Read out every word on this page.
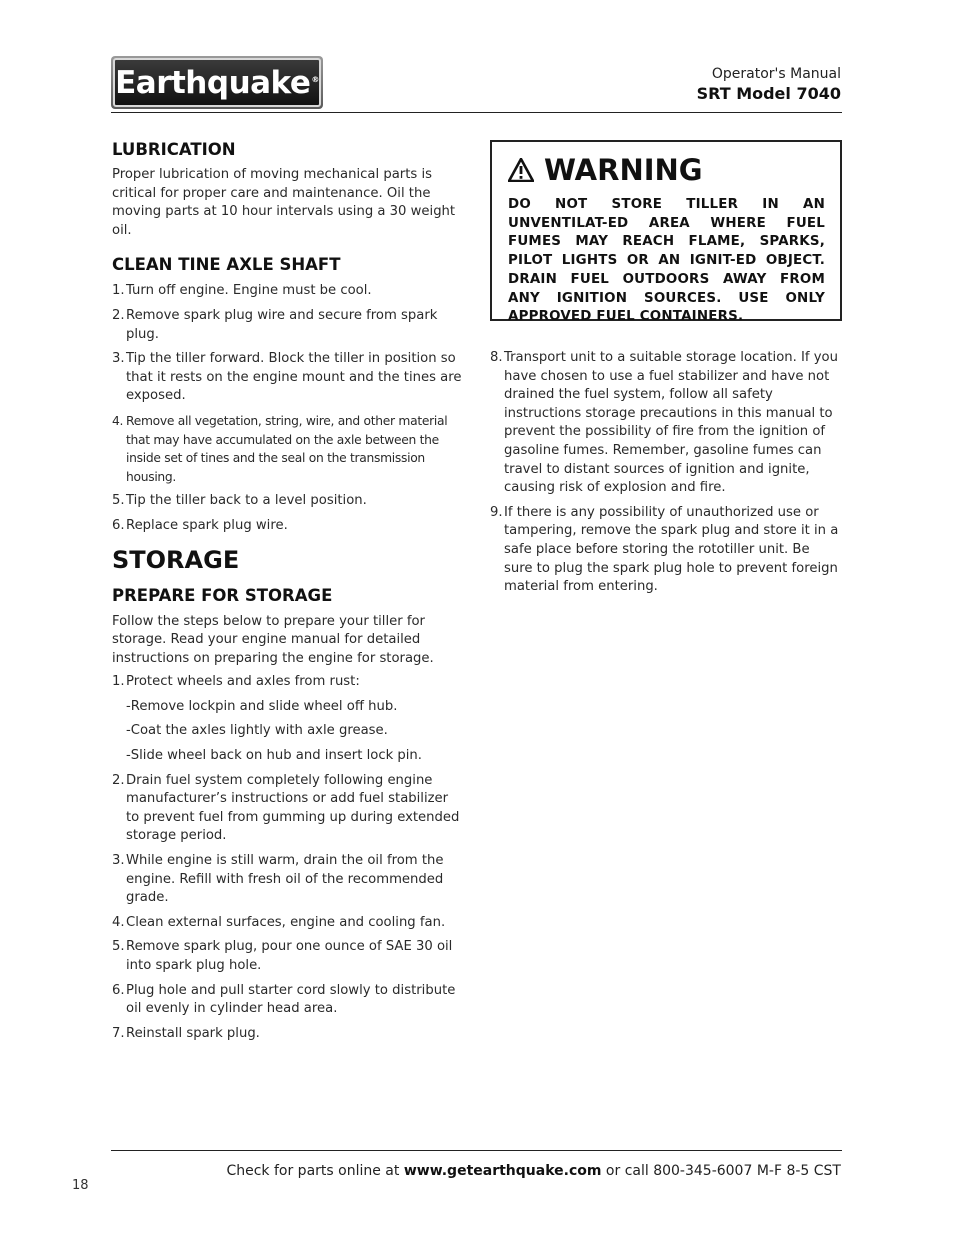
Earthquake ®	Operator's Manual
SRT Model 7040
LUBRICATION

Proper lubrication of moving mechanical parts is critical for proper care and maintenance. Oil the moving parts at 10 hour intervals using a 30 weight oil.

CLEAN TINE AXLE SHAFT
1. Turn off engine. Engine must be cool.
2. Remove spark plug wire and secure from spark plug.
3. Tip the tiller forward. Block the tiller in position so that it rests on the engine mount and the tines are exposed.
4. Remove all vegetation, string, wire, and other material that may have accumulated on the axle between the inside set of tines and the seal on the transmission housing.
5. Tip the tiller back to a level position.
6. Replace spark plug wire.
STORAGE
PREPARE FOR STORAGE

Follow the steps below to prepare your tiller for storage. Read your engine manual for detailed instructions on preparing the engine for storage.

1. Protect wheels and axles from rust:
-Remove lockpin and slide wheel off hub.
-Coat the axles lightly with axle grease.
-Slide wheel back on hub and insert lock pin.
2. Drain fuel system completely following engine manufacturer’s instructions or add fuel stabilizer to prevent fuel from gumming up during extended storage period.
3. While engine is still warm, drain the oil from the engine. Refill with fresh oil of the recommended grade.
4. Clean external surfaces, engine and cooling fan.
5. Remove spark plug, pour one ounce of SAE 30 oil into spark plug hole.
6. Plug hole and pull starter cord slowly to distribute oil evenly in cylinder head area.
7. Reinstall spark plug.
WARNING
DO NOT STORE TILLER IN AN UNVENTILAT-ED AREA WHERE FUEL FUMES MAY REACH FLAME, SPARKS, PILOT LIGHTS OR AN IGNIT-ED OBJECT. DRAIN FUEL OUTDOORS AWAY FROM ANY IGNITION SOURCES. USE ONLY APPROVED FUEL CONTAINERS.
8. Transport unit to a suitable storage location. If you have chosen to use a fuel stabilizer and have not drained the fuel system, follow all safety instructions storage precautions in this manual to prevent the possibility of fire from the ignition of gasoline fumes. Remember, gasoline fumes can travel to distant sources of ignition and ignite, causing risk of explosion and fire.
9. If there is any possibility of unauthorized use or tampering, remove the spark plug and store it in a safe place before storing the rototiller unit. Be sure to plug the spark plug hole to prevent foreign material from entering.
Check for parts online at www.getearthquake.com or call 800-345-6007 M-F 8-5 CST
18
